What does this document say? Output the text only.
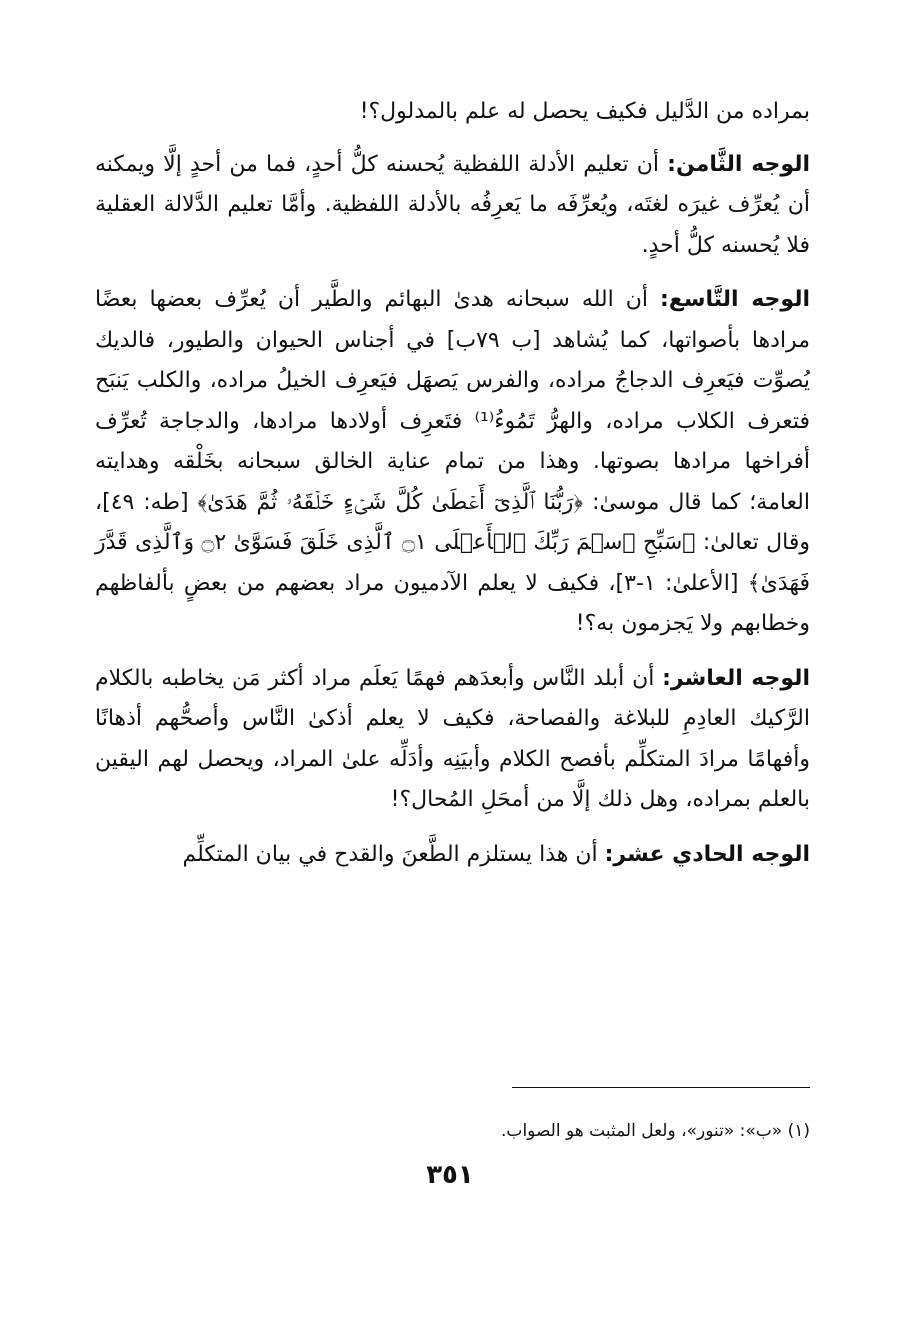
بمراده من الدَّليل فكيف يحصل له علم بالمدلول؟!

الوجه الثَّامن: أن تعليم الأدلة اللفظية يُحسنه كلُّ أحدٍ، فما من أحدٍ إلَّا ويمكنه أن يُعرِّف غيرَه لغتَه، ويُعرِّفَه ما يَعرِفُه بالأدلة اللفظية. وأمَّا تعليم الدَّلالة العقلية فلا يُحسنه كلُّ أحدٍ.

الوجه التَّاسع: أن الله سبحانه هدىٰ البهائم والطَّير أن يُعرِّف بعضها بعضًا مرادها بأصواتها، كما يُشاهد [ب ٧٩ب] في أجناس الحيوان والطيور، فالديك يُصوِّت فيَعرِف الدجاجُ مراده، والفرس يَصهَل فيَعرِف الخيلُ مراده، والكلب يَنبَح فتعرف الكلاب مراده، والهرُّ تَمُوءُ⁽¹⁾ فتَعرِف أولادها مرادها، والدجاجة تُعرِّف أفراخها مرادها بصوتها. وهذا من تمام عناية الخالق سبحانه بخَلْقه وهدايته العامة؛ كما قال موسىٰ: ﴿رَبُّنَا ٱلَّذِىٓ أَعۡطَىٰ كُلَّ شَىۡءٍ خَلۡقَهُۥ ثُمَّ هَدَىٰ﴾ [طه: ٤٩]، وقال تعالىٰ: ﴿سَبِّحِ ٱسۡمَ رَبِّكَ ٱلۡأَعۡلَى ۝١ ٱلَّذِى خَلَقَ فَسَوَّىٰ ۝٢ وَٱلَّذِى قَدَّرَ فَهَدَىٰ﴾ [الأعلىٰ: ١-٣]، فكيف لا يعلم الآدميون مراد بعضهم من بعضٍ بألفاظهم وخطابهم ولا يَجزمون به؟!

الوجه العاشر: أن أبلد النَّاس وأبعدَهم فهمًا يَعلَم مراد أكثر مَن يخاطبه بالكلام الرَّكيك العادِمِ للبلاغة والفصاحة، فكيف لا يعلم أذكىٰ النَّاس وأصحُّهم أذهانًا وأفهامًا مرادَ المتكلِّم بأفصح الكلام وأبيَنِه وأدَلِّه علىٰ المراد، ويحصل لهم اليقين بالعلم بمراده، وهل ذلك إلَّا من أمحَلِ المُحال؟!

الوجه الحادي عشر: أن هذا يستلزم الطَّعنَ والقدح في بيان المتكلِّم

(١) «ب»: «تنور»، ولعل المثبت هو الصواب.
٣٥١
